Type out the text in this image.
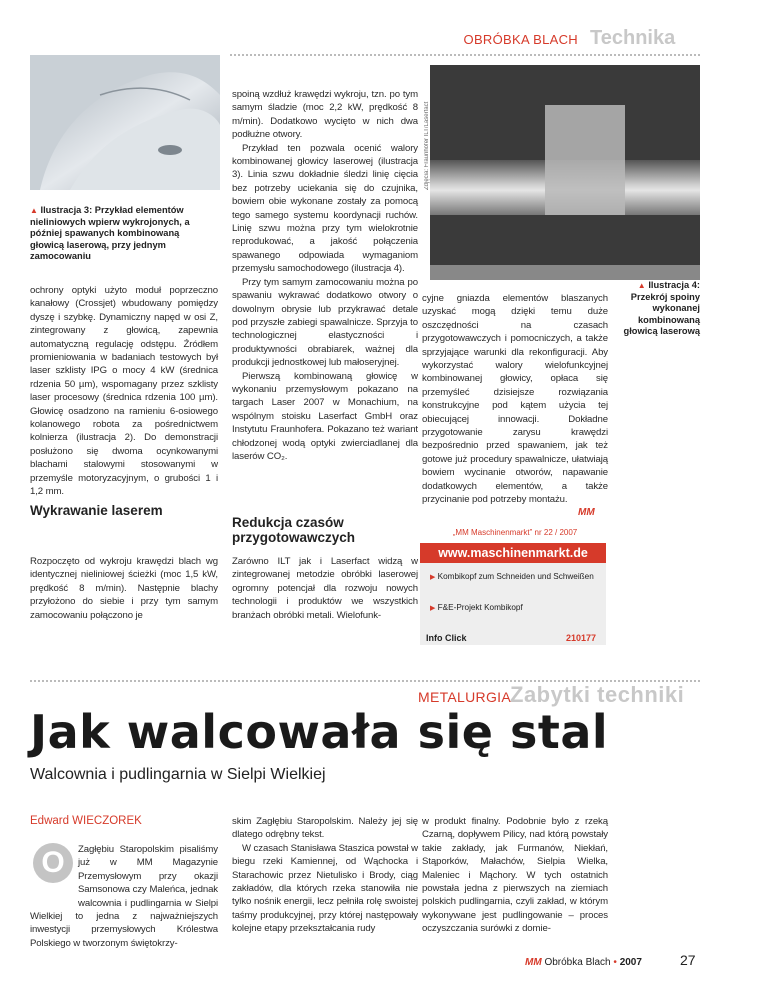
OBRÓBKA BLACH Technika
▲ Ilustracja 3: Przykład elementów nieliniowych wpierw wykrojonych, a później spawanych kombinowaną głowicą laserową, przy jednym zamocowaniu
Zdjęcia: Fraunhofer ILT/Laserfact
▲ Ilustracja 4: Przekrój spoiny wykonanej kombinowaną głowicą laserową

ochrony optyki użyto moduł poprzeczno kanałowy (Crossjet) wbudowany pomiędzy dyszę i szybkę. Dynamiczny napęd w osi Z, zintegrowany z głowicą, zapewnia automatyczną regulację odstępu. Źródłem promieniowania w badaniach testowych był laser szklisty IPG o mocy 4 kW (średnica rdzenia 50 µm), wspomagany przez szklisty laser procesowy (średnica rdzenia 100 µm). Głowicę osadzono na ramieniu 6-osiowego kolanowego robota za pośrednictwem kolnierza (ilustracja 2). Do demonstracji posłużono się dwoma ocynkowanymi blachami stalowymi stosowanymi w przemyśle motoryzacyjnym, o grubości 1 i 1,2 mm.

Wykrawanie laserem

Rozpoczęto od wykroju krawędzi blach wg identycznej nieliniowej ścieżki (moc 1,5 kW, prędkość 8 m/min). Następnie blachy przyłożono do siebie i przy tym samym zamocowaniu połączono je

spoiną wzdłuż krawędzi wykroju, tzn. po tym samym śladzie (moc 2,2 kW, prędkość 8 m/min). Dodatkowo wycięto w nich dwa podłużne otwory.

Przykład ten pozwala ocenić walory kombinowanej głowicy laserowej (ilustracja 3). Linia szwu dokładnie śledzi linię cięcia bez potrzeby uciekania się do czujnika, bowiem obie wykonane zostały za pomocą tego samego systemu koordynacji ruchów. Linię szwu można przy tym wielokrotnie reprodukować, a jakość połączenia spawanego odpowiada wymaganiom przemysłu samochodowego (ilustracja 4).

Przy tym samym zamocowaniu można po spawaniu wykrawać dodatkowo otwory o dowolnym obrysie lub przykrawać detale pod przyszłe zabiegi spawalnicze. Sprzyja to technologicznej elastyczności i produktywności obrabiarek, ważnej dla produkcji jednostkowej lub małoseryjnej.

Pierwszą kombinowaną głowicę w wykonaniu przemysłowym pokazano na targach Laser 2007 w Monachium, na wspólnym stoisku Laserfact GmbH oraz Instytutu Fraunhofera. Pokazano też wariant chłodzonej wodą optyki zwierciadlanej dla laserów CO₂.

Redukcja czasów przygotowawczych

Zarówno ILT jak i Laserfact widzą w zintegrowanej metodzie obróbki laserowej ogromny potencjał dla rozwoju nowych technologii i produktów we wszystkich branżach obróbki metali. Wielofunk-

cyjne gniazda elementów blaszanych uzyskać mogą dzięki temu duże oszczędności na czasach przygotowawczych i pomocniczych, a także sprzyjające warunki dla rekonfiguracji. Aby wykorzystać walory wielofunkcyjnej kombinowanej głowicy, opłaca się przemyśleć dzisiejsze rozwiązania konstrukcyjne pod kątem użycia tej obiecującej innowacji. Dokładne przygotowanie zarysu krawędzi bezpośrednio przed spawaniem, jak też gotowe już procedury spawalnicze, ułatwiają bowiem wycinanie otworów, napawanie dodatkowych elementów, a także przycinanie pod potrzeby montażu.

MM
„MM Maschinenmarkt” nr 22 / 2007
www.maschinenmarkt.de
▶ Kombikopf zum Schneiden und Schweißen
▶ F&E-Projekt Kombikopf
Info Click	210177
METALURGIA Zabytki techniki
Jak walcowała się stal
Walcownia i pudlingarnia w Sielpi Wielkiej
Edward WIECZOREK
O	Zagłębiu Staropolskim pisaliśmy już w MM Magazynie Przemysłowym przy okazji Samsonowa czy Maleńca, jednak walcownia i pudlingarnia w Sielpi Wielkiej to jedna z najważniejszych inwestycji przemysłowych Królestwa Polskiego w tworzonym świętokrzy-

skim Zagłębiu Staropolskim. Należy jej się dlatego odrębny tekst.

W czasach Stanisława Staszica powstał w biegu rzeki Kamiennej, od Wąchocka i Starachowic przez Nietulisko i Brody, ciąg zakładów, dla których rzeka stanowiła nie tylko nośnik energii, lecz pełniła rolę swoistej taśmy produkcyjnej, przy której następowały kolejne etapy przekształcania rudy

w produkt finalny. Podobnie było z rzeką Czarną, dopływem Pilicy, nad którą powstały takie zakłady, jak Furmanów, Niekłań, Stąporków, Małachów, Sielpia Wielka, Maleniec i Mąchory. W tych ostatnich powstała jedna z pierwszych na ziemiach polskich pudlingarnia, czyli zakład, w którym wykonywane jest pudlingowanie – proces oczyszczania surówki z domie-

MM Obróbka Blach • 2007	27
